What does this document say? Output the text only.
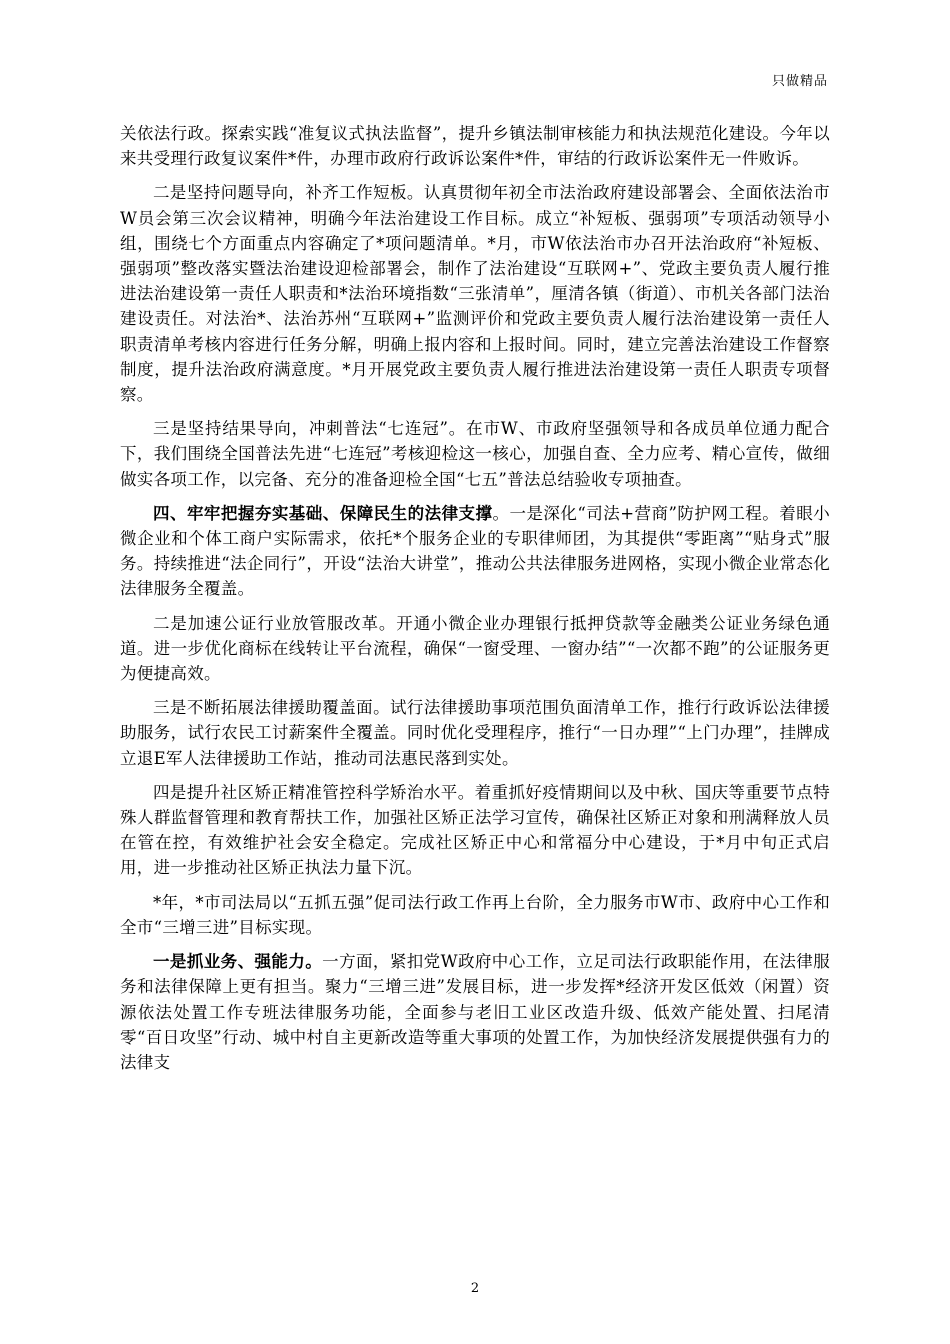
只做精品

关依法行政。探索实践“准复议式执法监督”，提升乡镇法制审核能力和执法规范化建设。今年以来共受理行政复议案件*件，办理市政府行政诉讼案件*件，审结的行政诉讼案件无一件败诉。

二是坚持问题导向，补齐工作短板。认真贯彻年初全市法治政府建设部署会、全面依法治市W员会第三次会议精神，明确今年法治建设工作目标。成立“补短板、强弱项”专项活动领导小组，围绕七个方面重点内容确定了*项问题清单。*月，市W依法治市办召开法治政府“补短板、强弱项”整改落实暨法治建设迎检部署会，制作了法治建设“互联网+”、党政主要负责人履行推进法治建设第一责任人职责和*法治环境指数“三张清单”，厘清各镇（街道）、市机关各部门法治建设责任。对法治*、法治苏州“互联网+”监测评价和党政主要负责人履行法治建设第一责任人职责清单考核内容进行任务分解，明确上报内容和上报时间。同时，建立完善法治建设工作督察制度，提升法治政府满意度。*月开展党政主要负责人履行推进法治建设第一责任人职责专项督察。

三是坚持结果导向，冲刺普法“七连冠”。在市W、市政府坚强领导和各成员单位通力配合下，我们围绕全国普法先进“七连冠”考核迎检这一核心，加强自查、全力应考、精心宣传，做细做实各项工作，以完备、充分的准备迎检全国“七五”普法总结验收专项抽查。

四、牢牢把握夯实基础、保障民生的法律支撑。一是深化“司法+营商”防护网工程。着眼小微企业和个体工商户实际需求，依托*个服务企业的专职律师团，为其提供“零距离”“贴身式”服务。持续推进“法企同行”，开设“法治大讲堂”，推动公共法律服务进网格，实现小微企业常态化法律服务全覆盖。

二是加速公证行业放管服改革。开通小微企业办理银行抵押贷款等金融类公证业务绿色通道。进一步优化商标在线转让平台流程，确保“一窗受理、一窗办结”“一次都不跑”的公证服务更为便捷高效。

三是不断拓展法律援助覆盖面。试行法律援助事项范围负面清单工作，推行行政诉讼法律援助服务，试行农民工讨薪案件全覆盖。同时优化受理程序，推行“一日办理”“上门办理”，挂牌成立退E军人法律援助工作站，推动司法惠民落到实处。

四是提升社区矫正精准管控科学矫治水平。着重抓好疫情期间以及中秋、国庆等重要节点特殊人群监督管理和教育帮扶工作，加强社区矫正法学习宣传，确保社区矫正对象和刑满释放人员在管在控，有效维护社会安全稳定。完成社区矫正中心和常福分中心建设，于*月中旬正式启用，进一步推动社区矫正执法力量下沉。

*年，*市司法局以“五抓五强”促司法行政工作再上台阶，全力服务市W市、政府中心工作和全市“三增三进”目标实现。

一是抓业务、强能力。一方面，紧扣党W政府中心工作，立足司法行政职能作用，在法律服务和法律保障上更有担当。聚力“三增三进”发展目标，进一步发挥*经济开发区低效（闲置）资源依法处置工作专班法律服务功能，全面参与老旧工业区改造升级、低效产能处置、扫尾清零“百日攻坚”行动、城中村自主更新改造等重大事项的处置工作，为加快经济发展提供强有力的法律支

2
